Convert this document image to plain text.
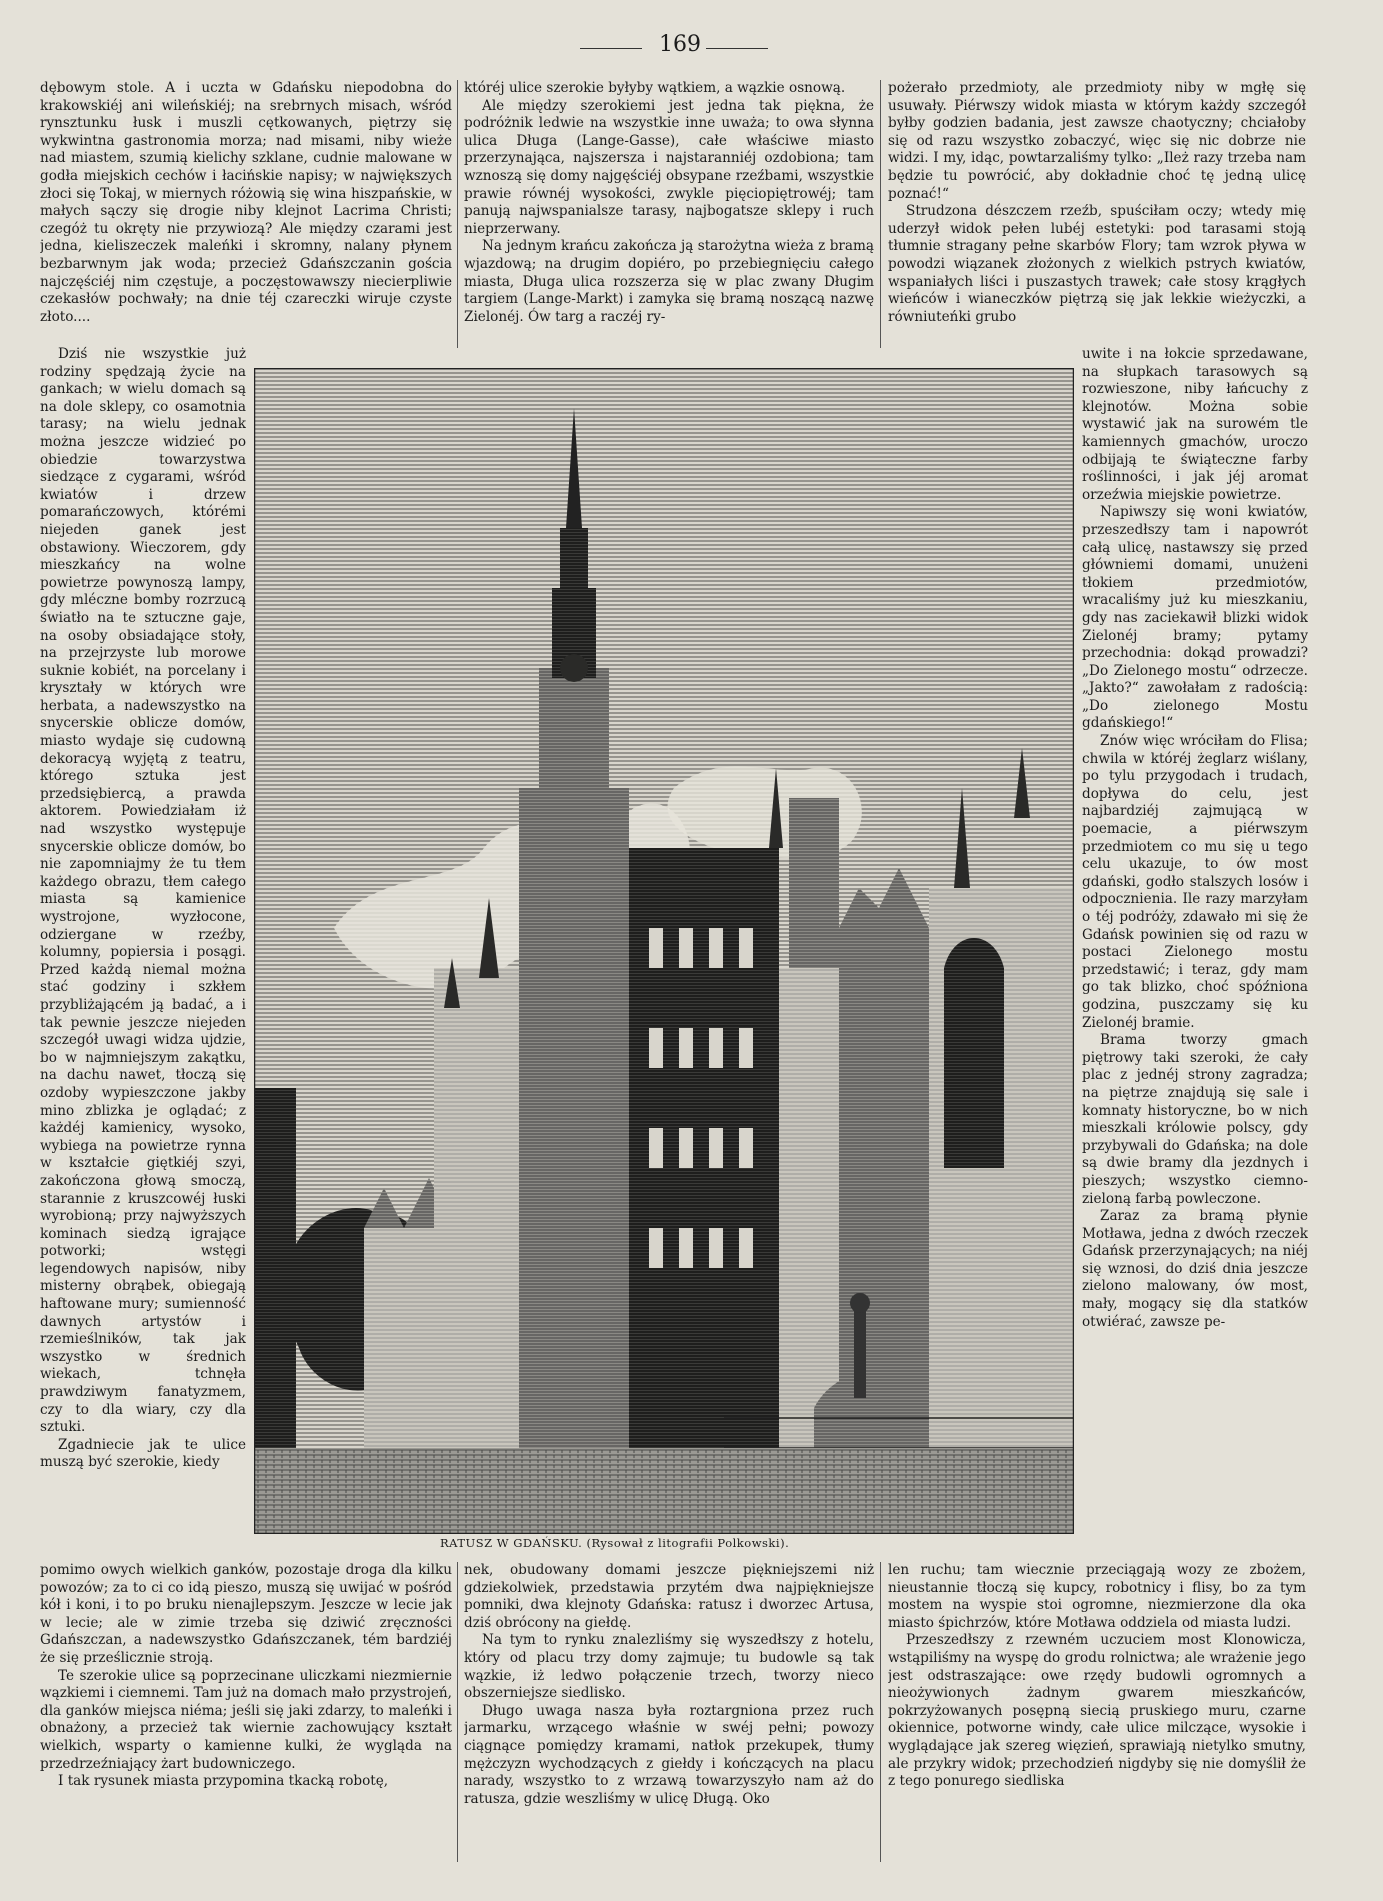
169

dębowym stole. A i uczta w Gdańsku niepodobna do krakowskiéj ani wileńskiéj; na srebrnych misach, wśród rynsztunku łusk i muszli cętkowanych, piętrzy się wykwintna gastronomia morza; nad misami, niby wieże nad miastem, szumią kielichy szklane, cudnie malowane w godła miejskich cechów i łacińskie napisy; w największych złoci się Tokaj, w miernych różowią się wina hiszpańskie, w małych sączy się drogie niby klejnot Lacrima Christi; czegóż tu okręty nie przywiozą? Ale między czarami jest jedna, kieliszeczek maleńki i skromny, nalany płynem bezbarwnym jak woda; przecież Gdańszczanin gościa najczęściéj nim częstuje, a poczęstowawszy niecierpliwie czekasłów pochwały; na dnie téj czareczki wiruje czyste złoto....

któréj ulice szerokie byłyby wątkiem, a wązkie osnową.

Ale między szerokiemi jest jedna tak piękna, że podróżnik ledwie na wszystkie inne uważa; to owa słynna ulica Długa (Lange-Gasse), całe właściwe miasto przerzynająca, najszersza i najstaranniéj ozdobiona; tam wznoszą się domy najgęściéj obsypane rzeźbami, wszystkie prawie równéj wysokości, zwykle pięciopiętrowéj; tam panują najwspanialsze tarasy, najbogatsze sklepy i ruch nieprzerwany.

Na jednym krańcu zakończa ją starożytna wieża z bramą wjazdową; na drugim dopiéro, po przebiegnięciu całego miasta, Długa ulica rozszerza się w plac zwany Długim targiem (Lange-Markt) i zamyka się bramą noszącą nazwę Zielonéj. Ów targ a raczéj ry-

pożerało przedmioty, ale przedmioty niby w mgłę się usuwały. Piérwszy widok miasta w którym każdy szczegół byłby godzien badania, jest zawsze chaotyczny; chciałoby się od razu wszystko zobaczyć, więc się nic dobrze nie widzi. I my, idąc, powtarzaliśmy tylko: „Ileż razy trzeba nam będzie tu powrócić, aby dokładnie choć tę jedną ulicę poznać!“

Strudzona dészczem rzeźb, spuściłam oczy; wtedy mię uderzył widok pełen lubéj estetyki: pod tarasami stoją tłumnie stragany pełne skarbów Flory; tam wzrok pływa w powodzi wiązanek złożonych z wielkich pstrych kwiatów, wspaniałych liści i puszastych trawek; całe stosy krągłych wieńców i wianeczków piętrzą się jak lekkie wieżyczki, a równiuteńki grubo

Dziś nie wszystkie już rodziny spędzają życie na gankach; w wielu domach są na dole sklepy, co osamotnia tarasy; na wielu jednak można jeszcze widzieć po obiedzie towarzystwa siedzące z cygarami, wśród kwiatów i drzew pomarańczowych, którémi niejeden ganek jest obstawiony. Wieczorem, gdy mieszkańcy na wolne powietrze powynoszą lampy, gdy mléczne bomby rozrzucą światło na te sztuczne gaje, na osoby obsiadające stoły, na przejrzyste lub morowe suknie kobiét, na porcelany i kryształy w których wre herbata, a nadewszystko na snycerskie oblicze domów, miasto wydaje się cudowną dekoracyą wyjętą z teatru, którego sztuka jest przedsiębiercą, a prawda aktorem. Powiedziałam iż nad wszystko występuje snycerskie oblicze domów, bo nie zapomniajmy że tu tłem każdego obrazu, tłem całego miasta są kamienice wystrojone, wyzłocone, odziergane w rzeźby, kolumny, popiersia i posągi. Przed każdą niemal można stać godziny i szkłem przybliżającém ją badać, a i tak pewnie jeszcze niejeden szczegół uwagi widza ujdzie, bo w najmniejszym zakątku, na dachu nawet, tłoczą się ozdoby wypieszczone jakby mino zblizka je oglądać; z każdéj kamienicy, wysoko, wybiega na powietrze rynna w kształcie giętkiéj szyi, zakończona głową smoczą, starannie z kruszcowéj łuski wyrobioną; przy najwyższych kominach siedzą igrające potworki; wstęgi legendowych napisów, niby misterny obrąbek, obiegają haftowane mury; sumienność dawnych artystów i rzemieślników, tak jak wszystko w średnich wiekach, tchnęła prawdziwym fanatyzmem, czy to dla wiary, czy dla sztuki.

Zgadniecie jak te ulice muszą być szerokie, kiedy

uwite i na łokcie sprzedawane, na słupkach tarasowych są rozwieszone, niby łańcuchy z klejnotów. Można sobie wystawić jak na surowém tle kamiennych gmachów, uroczo odbijają te świąteczne farby roślinności, i jak jéj aromat orzeźwia miejskie powietrze.

Napiwszy się woni kwiatów, przeszedłszy tam i napowrót całą ulicę, nastawszy się przed główniemi domami, unużeni tłokiem przedmiotów, wracaliśmy już ku mieszkaniu, gdy nas zaciekawił blizki widok Zielonéj bramy; pytamy przechodnia: dokąd prowadzi? „Do Zielonego mostu“ odrzecze. „Jakto?“ zawołałam z radością: „Do zielonego Mostu gdańskiego!“

Znów więc wróciłam do Flisa; chwila w któréj żeglarz wiślany, po tylu przygodach i trudach, dopływa do celu, jest najbardziéj zajmującą w poemacie, a piérwszym przedmiotem co mu się u tego celu ukazuje, to ów most gdański, godło stalszych losów i odpocznienia. Ile razy marzyłam o téj podróży, zdawało mi się że Gdańsk powinien się od razu w postaci Zielonego mostu przedstawić; i teraz, gdy mam go tak blizko, choć spóźniona godzina, puszczamy się ku Zielonéj bramie.

Brama tworzy gmach piętrowy taki szeroki, że cały plac z jednéj strony zagradza; na piętrze znajdują się sale i komnaty historyczne, bo w nich mieszkali królowie polscy, gdy przybywali do Gdańska; na dole są dwie bramy dla jezdnych i pieszych; wszystko ciemno-zieloną farbą powleczone.

Zaraz za bramą płynie Motława, jedna z dwóch rzeczek Gdańsk przerzynających; na niéj się wznosi, do dziś dnia jeszcze zielono malowany, ów most, mały, mogący się dla statków otwiérać, zawsze pe-

RATUSZ W GDAŃSKU. (Rysował z litografii Polkowski).

pomimo owych wielkich ganków, pozostaje droga dla kilku powozów; za to ci co idą pieszo, muszą się uwijać w pośród kół i koni, i to po bruku nienajlepszym. Jeszcze w lecie jak w lecie; ale w zimie trzeba się dziwić zręczności Gdańszczan, a nadewszystko Gdańszczanek, tém bardziéj że się prześlicznie stroją.

Te szerokie ulice są poprzecinane uliczkami niezmiernie wązkiemi i ciemnemi. Tam już na domach mało przystrojeń, dla ganków miejsca niéma; jeśli się jaki zdarzy, to maleńki i obnażony, a przecież tak wiernie zachowujący kształt wielkich, wsparty o kamienne kulki, że wygląda na przedrzeźniający żart budowniczego.

I tak rysunek miasta przypomina tkacką robotę,

nek, obudowany domami jeszcze piękniejszemi niż gdziekolwiek, przedstawia przytém dwa najpiękniejsze pomniki, dwa klejnoty Gdańska: ratusz i dworzec Artusa, dziś obrócony na giełdę.

Na tym to rynku znalezliśmy się wyszedłszy z hotelu, który od placu trzy domy zajmuje; tu budowle są tak wązkie, iż ledwo połączenie trzech, tworzy nieco obszerniejsze siedlisko.

Długo uwaga nasza była roztargniona przez ruch jarmarku, wrzącego właśnie w swéj pełni; powozy ciągnące pomiędzy kramami, natłok przekupek, tłumy mężczyzn wychodzących z giełdy i kończących na placu narady, wszystko to z wrzawą towarzyszyło nam aż do ratusza, gdzie weszliśmy w ulicę Długą. Oko

len ruchu; tam wiecznie przeciągają wozy ze zbożem, nieustannie tłoczą się kupcy, robotnicy i flisy, bo za tym mostem na wyspie stoi ogromne, niezmierzone dla oka miasto śpichrzów, które Motława oddziela od miasta ludzi.

Przeszedłszy z rzewném uczuciem most Klonowicza, wstąpiliśmy na wyspę do grodu rolnictwa; ale wrażenie jego jest odstraszające: owe rzędy budowli ogromnych a nieożywionych żadnym gwarem mieszkańców, pokrzyżowanych posępną siecią pruskiego muru, czarne okiennice, potworne windy, całe ulice milczące, wysokie i wyglądające jak szereg więzień, sprawiają nietylko smutny, ale przykry widok; przechodzień nigdyby się nie domyślił że z tego ponurego siedliska
